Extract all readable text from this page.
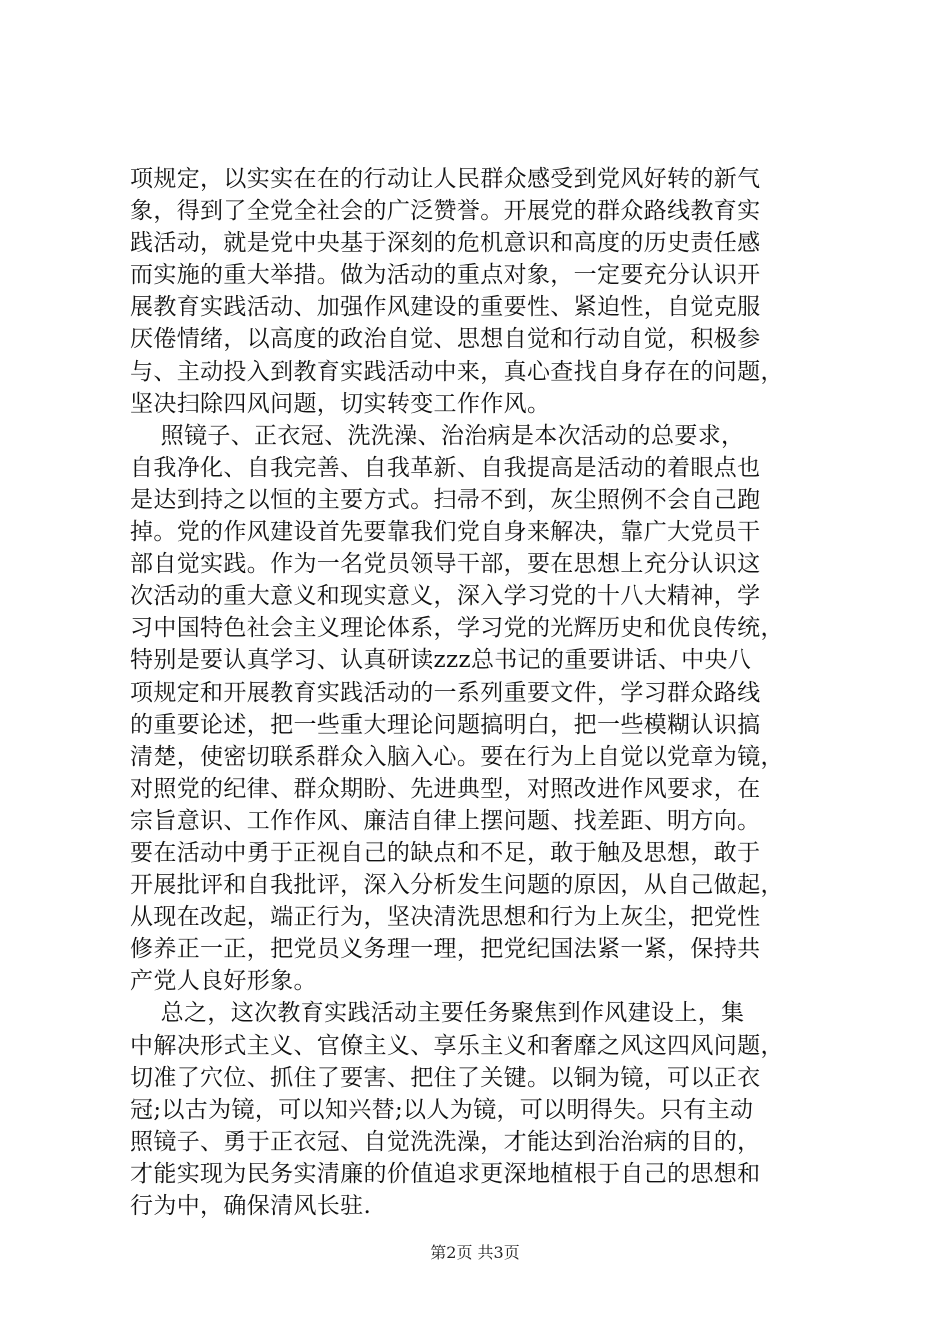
项规定，以实实在在的行动让人民群众感受到党风好转的新气
象，得到了全党全社会的广泛赞誉。开展党的群众路线教育实
践活动，就是党中央基于深刻的危机意识和高度的历史责任感
而实施的重大举措。做为活动的重点对象，一定要充分认识开
展教育实践活动、加强作风建设的重要性、紧迫性，自觉克服
厌倦情绪，以高度的政治自觉、思想自觉和行动自觉，积极参
与、主动投入到教育实践活动中来，真心查找自身存在的问题，
坚决扫除四风问题，切实转变工作作风。
照镜子、正衣冠、洗洗澡、治治病是本次活动的总要求，
自我净化、自我完善、自我革新、自我提高是活动的着眼点也
是达到持之以恒的主要方式。扫帚不到，灰尘照例不会自己跑
掉。党的作风建设首先要靠我们党自身来解决，靠广大党员干
部自觉实践。作为一名党员领导干部，要在思想上充分认识这
次活动的重大意义和现实意义，深入学习党的十八大精神，学
习中国特色社会主义理论体系，学习党的光辉历史和优良传统，
特别是要认真学习、认真研读zzz总书记的重要讲话、中央八
项规定和开展教育实践活动的一系列重要文件，学习群众路线
的重要论述，把一些重大理论问题搞明白，把一些模糊认识搞
清楚，使密切联系群众入脑入心。要在行为上自觉以党章为镜，
对照党的纪律、群众期盼、先进典型，对照改进作风要求，在
宗旨意识、工作作风、廉洁自律上摆问题、找差距、明方向。
要在活动中勇于正视自己的缺点和不足，敢于触及思想，敢于
开展批评和自我批评，深入分析发生问题的原因，从自己做起，
从现在改起，端正行为，坚决清洗思想和行为上灰尘，把党性
修养正一正，把党员义务理一理，把党纪国法紧一紧，保持共
产党人良好形象。
总之，这次教育实践活动主要任务聚焦到作风建设上，集
中解决形式主义、官僚主义、享乐主义和奢靡之风这四风问题，
切准了穴位、抓住了要害、把住了关键。以铜为镜，可以正衣
冠;以古为镜，可以知兴替;以人为镜，可以明得失。只有主动
照镜子、勇于正衣冠、自觉洗洗澡，才能达到治治病的目的，
才能实现为民务实清廉的价值追求更深地植根于自己的思想和
行为中，确保清风长驻.
第2页 共3页
